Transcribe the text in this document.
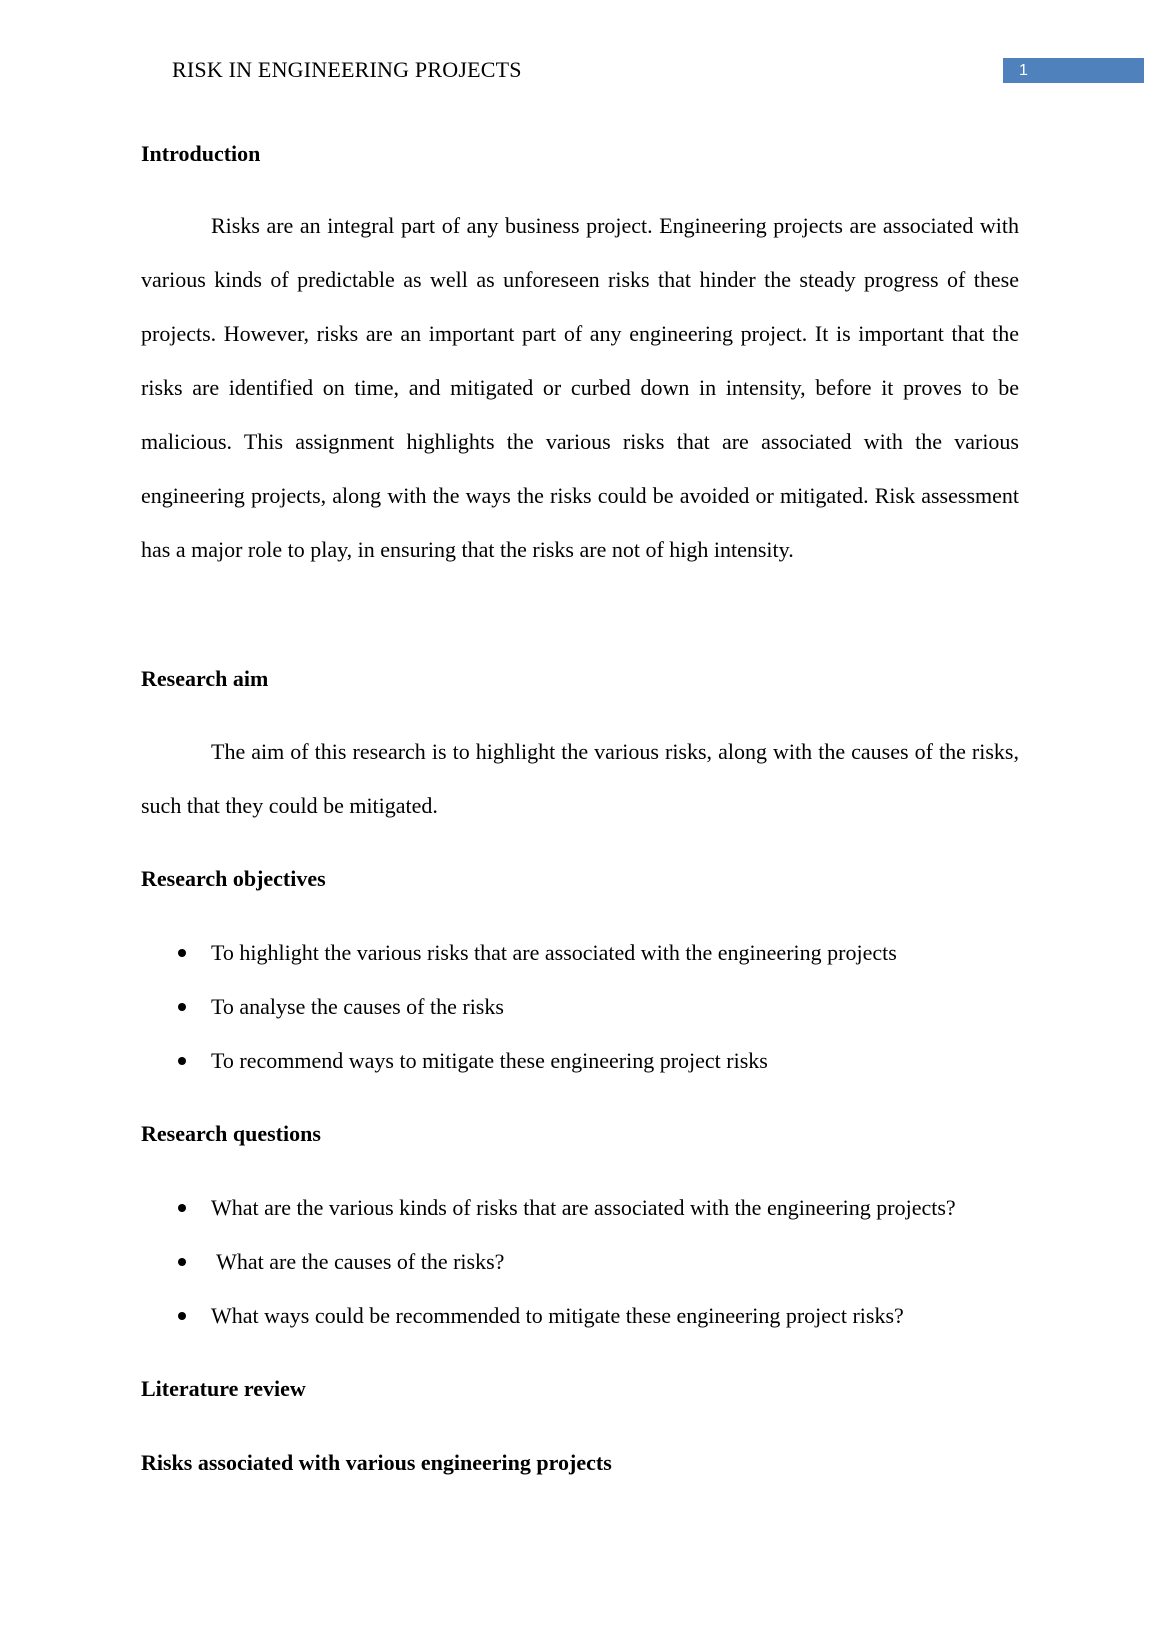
RISK IN ENGINEERING PROJECTS	1
Introduction
Risks are an integral part of any business project. Engineering projects are associated with various kinds of predictable as well as unforeseen risks that hinder the steady progress of these projects. However, risks are an important part of any engineering project. It is important that the risks are identified on time, and mitigated or curbed down in intensity, before it proves to be malicious. This assignment highlights the various risks that are associated with the various engineering projects, along with the ways the risks could be avoided or mitigated. Risk assessment has a major role to play, in ensuring that the risks are not of high intensity.
Research aim
The aim of this research is to highlight the various risks, along with the causes of the risks, such that they could be mitigated.
Research objectives
To highlight the various risks that are associated with the engineering projects
To analyse the causes of the risks
To recommend ways to mitigate these engineering project risks
Research questions
What are the various kinds of risks that are associated with the engineering projects?
What are the causes of the risks?
What ways could be recommended to mitigate these engineering project risks?
Literature review
Risks associated with various engineering projects
